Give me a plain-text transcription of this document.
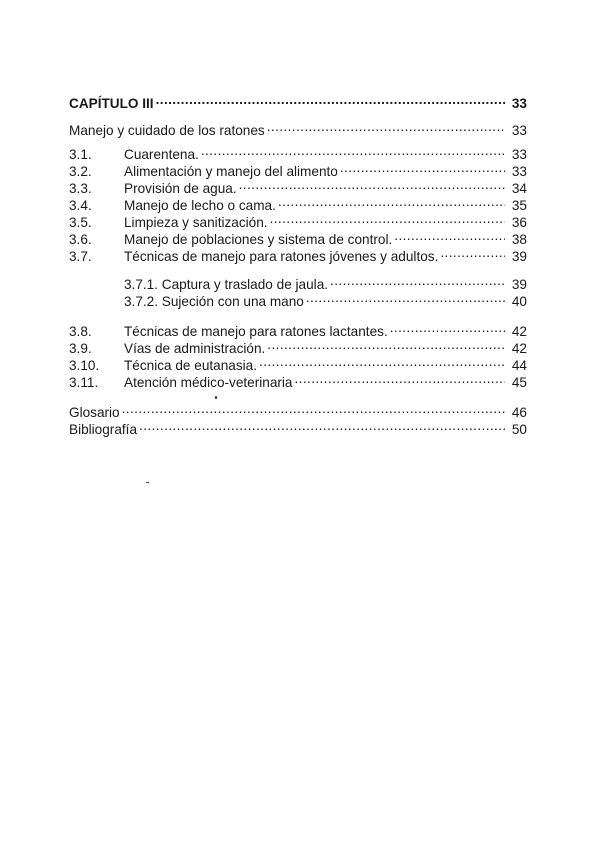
CAPÍTULO III .....	33
Manejo y cuidado de los ratones .....	33
3.1.	Cuarentena. .....	33
3.2.	Alimentación y manejo del alimento .....	33
3.3.	Provisión de agua. .....	34
3.4.	Manejo de lecho o cama. .....	35
3.5.	Limpieza y sanitización. .....	36
3.6.	Manejo de poblaciones y sistema de control. .....	38
3.7.	Técnicas de manejo para ratones jóvenes y adultos. .....	39
3.7.1. Captura y traslado de jaula. .....	39
3.7.2. Sujeción con una mano .....	40
3.8.	Técnicas de manejo para ratones lactantes. .....	42
3.9.	Vías de administración. .....	42
3.10.	Técnica de eutanasia. .....	44
3.11.	Atención médico-veterinaria .....	45
Glosario .....	46
Bibliografía .....	50
